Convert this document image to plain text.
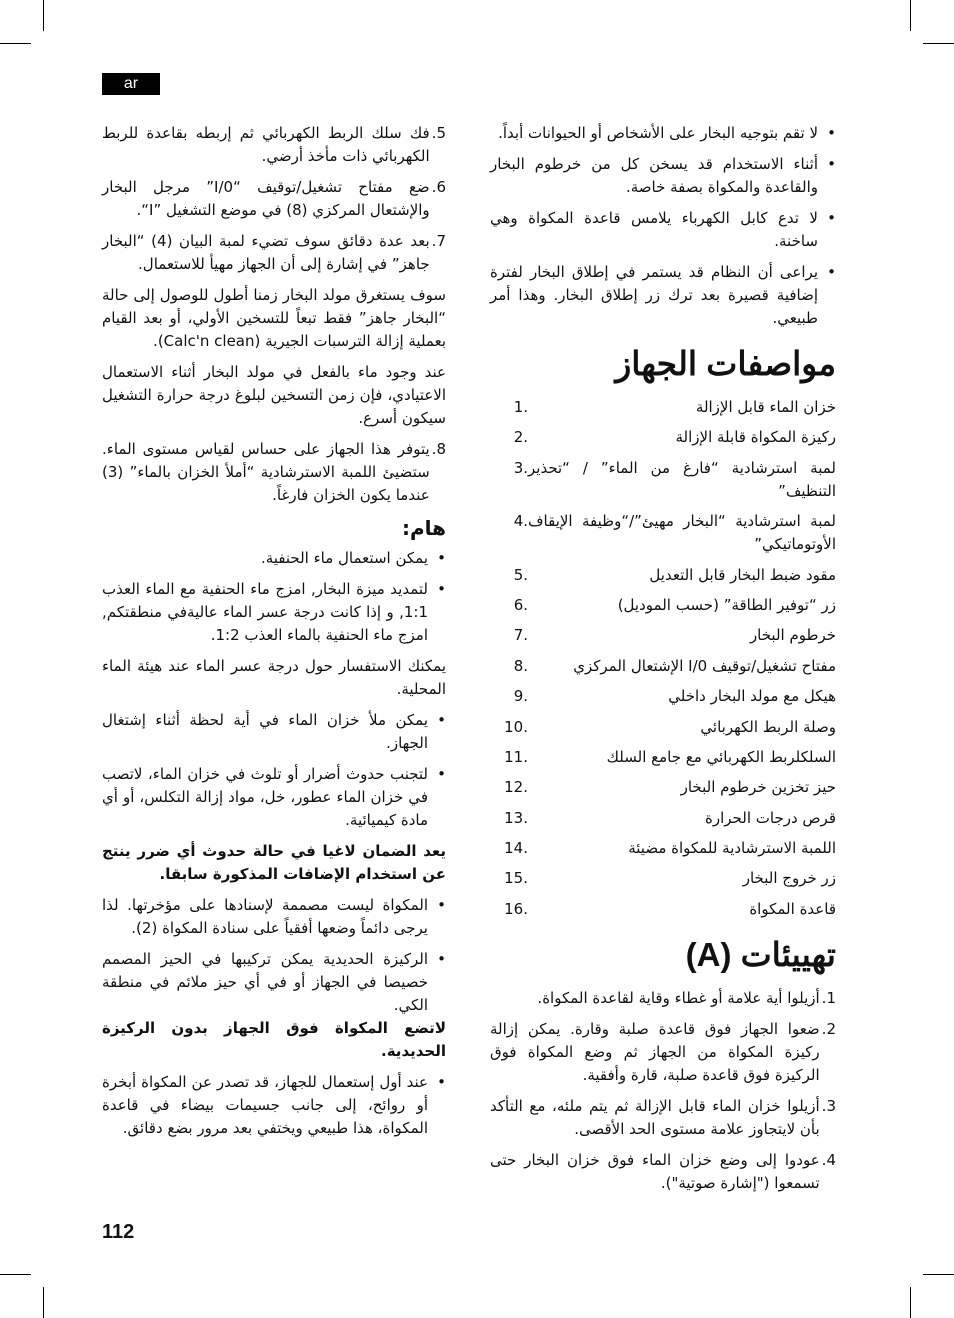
ar
5.
فك سلك الربط الكهربائي ثم إربطه بقاعدة للربط الكهربائي ذات مأخذ أرضي.
6.
ضع مفتاح تشغيل/توقيف “I/0” مرجل البخار والإشتعال المركزي (8) في موضع التشغيل ”I“.
7.
بعد عدة دقائق سوف تضيء لمبة البيان (4) “البخار جاهز” في إشارة إلى أن الجهاز مهيأ للاستعمال.

سوف يستغرق مولد البخار زمنا أطول للوصول إلى حالة “البخار جاهز” فقط تبعاً للتسخين الأولي، أو بعد القيام بعملية إزالة الترسبات الجيرية (Calc'n clean).

عند وجود ماء بالفعل في مولد البخار أثناء الاستعمال الاعتيادي، فإن زمن التسخين لبلوغ درجة حرارة التشغيل سيكون أسرع.

8.
يتوفر هذا الجهاز على حساس لقياس مستوى الماء. ستضيئ اللمبة الاسترشادية “أملأ الخزان بالماء” (3) عندما يكون الخزان فارغاً.
هام:
• يمكن استعمال ماء الحنفية.
• لتمديد ميزة البخار, امزج ماء الحنفية مع الماء العذب 1:1, و إذا كانت درجة عسر الماء عاليةفي منطقتكم, امزج ماء الحنفية بالماء العذب 1:2.

يمكنك الاستفسار حول درجة عسر الماء عند هيئة الماء المحلية.

• يمكن ملأ خزان الماء في أية لحظة أثناء إشتغال الجهاز.
• لتجنب حدوث أضرار أو تلوث في خزان الماء، لاتصب في خزان الماء عطور، خل، مواد إزالة التكلس، أو أي مادة كيميائية.

يعد الضمان لاغيا في حالة حدوث أي ضرر ينتج عن استخدام الإضافات المذكورة سابقا.

• المكواة ليست مصممة لإسنادها على مؤخرتها. لذا يرجى دائماً وضعها أفقياً على سنادة المكواة (2).
• الركيزة الحديدية يمكن تركيبها في الحيز المصمم خصيصا في الجهاز أو في أي حيز ملائم في منطقة الكي.

لاتضع المكواة فوق الجهاز بدون الركيزة الحديدية.

• عند أول إستعمال للجهاز، قد تصدر عن المكواة أبخرة أو روائح، إلى جانب جسيمات بيضاء في قاعدة المكواة، هذا طبيعي ويختفي بعد مرور بضع دقائق.
• لا تقم بتوجيه البخار على الأشخاص أو الحيوانات أبداً.
• أثناء الاستخدام قد يسخن كل من خرطوم البخار والقاعدة والمكواة بصفة خاصة.
• لا تدع كابل الكهرباء يلامس قاعدة المكواة وهي ساخنة.
• يراعى أن النظام قد يستمر في إطلاق البخار لفترة إضافية قصيرة بعد ترك زر إطلاق البخار. وهذا أمر طبيعي.
مواصفات الجهاز
خزان الماء قابل الإزالة
1.
ركيزة المكواة قابلة الإزالة
2.
لمبة استرشادية “فارغ من الماء” / “تحذير التنظيف”
3.
لمبة استرشادية “البخار مهيئ”/“وظيفة الإيقاف الأوتوماتيكي”
4.
مقود ضبط البخار قابل التعديل
5.
زر “توفير الطاقة” (حسب الموديل)
6.
خرطوم البخار
7.
مفتاح تشغيل/توقيف I/0 الإشتعال المركزي
8.
هيكل مع مولد البخار داخلي
9.
وصلة الربط الكهربائي
10.
السلكلربط الكهربائي مع جامع السلك
11.
حيز تخزين خرطوم البخار
12.
قرص درجات الحرارة
13.
اللمبة الاسترشادية للمكواة مضيئة
14.
زر خروج البخار
15.
قاعدة المكواة
16.
تهييئات (A)
1.
أزيلوا أية علامة أو غطاء وقاية لقاعدة المكواة.
2.
ضعوا الجهاز فوق قاعدة صلبة وقارة. يمكن إزالة ركيزة المكواة من الجهاز ثم وضع المكواة فوق الركيزة فوق قاعدة صلبة، قارة وأفقية.
3.
أزيلوا خزان الماء قابل الإزالة ثم يتم ملئه، مع التأكد بأن لايتجاوز علامة مستوى الحد الأقصى.
4.
عودوا إلى وضع خزان الماء فوق خزان البخار حتى تسمعوا ("إشارة صوتية").
112
